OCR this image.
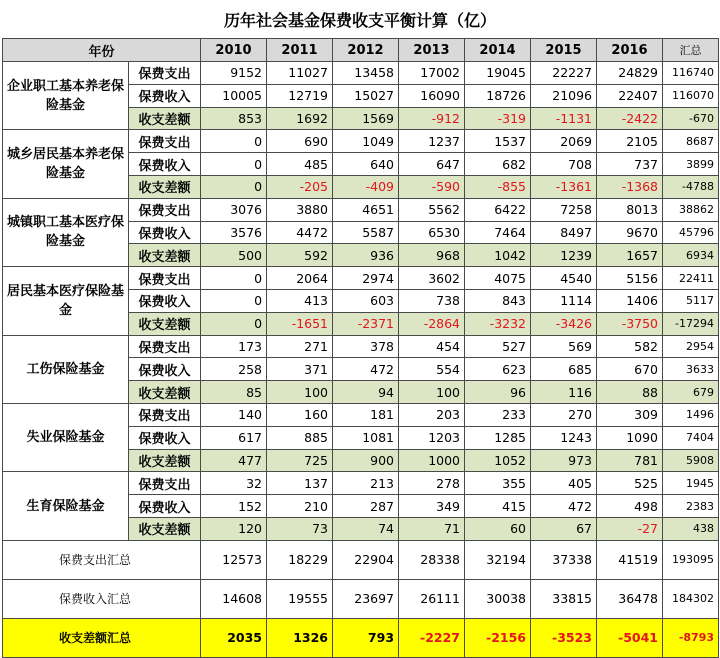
历年社会基金保费收支平衡计算（亿）
年份		2010	2011	2012	2013	2014	2015	2016	汇总
企业职工基本养老保险基金	保费支出	9152	11027	13458	17002	19045	22227	24829	116740
	保费收入	10005	12719	15027	16090	18726	21096	22407	116070
	收支差额	853	1692	1569	-912	-319	-1131	-2422	-670
城乡居民基本养老保险基金	保费支出	0	690	1049	1237	1537	2069	2105	8687
	保费收入	0	485	640	647	682	708	737	3899
	收支差额	0	-205	-409	-590	-855	-1361	-1368	-4788
城镇职工基本医疗保险基金	保费支出	3076	3880	4651	5562	6422	7258	8013	38862
	保费收入	3576	4472	5587	6530	7464	8497	9670	45796
	收支差额	500	592	936	968	1042	1239	1657	6934
居民基本医疗保险基金	保费支出	0	2064	2974	3602	4075	4540	5156	22411
	保费收入	0	413	603	738	843	1114	1406	5117
	收支差额	0	-1651	-2371	-2864	-3232	-3426	-3750	-17294
工伤保险基金	保费支出	173	271	378	454	527	569	582	2954
	保费收入	258	371	472	554	623	685	670	3633
	收支差额	85	100	94	100	96	116	88	679
失业保险基金	保费支出	140	160	181	203	233	270	309	1496
	保费收入	617	885	1081	1203	1285	1243	1090	7404
	收支差额	477	725	900	1000	1052	973	781	5908
生育保险基金	保费支出	32	137	213	278	355	405	525	1945
	保费收入	152	210	287	349	415	472	498	2383
	收支差额	120	73	74	71	60	67	-27	438
保费支出汇总		12573	18229	22904	28338	32194	37338	41519	193095
保费收入汇总		14608	19555	23697	26111	30038	33815	36478	184302
收支差额汇总		2035	1326	793	-2227	-2156	-3523	-5041	-8793
